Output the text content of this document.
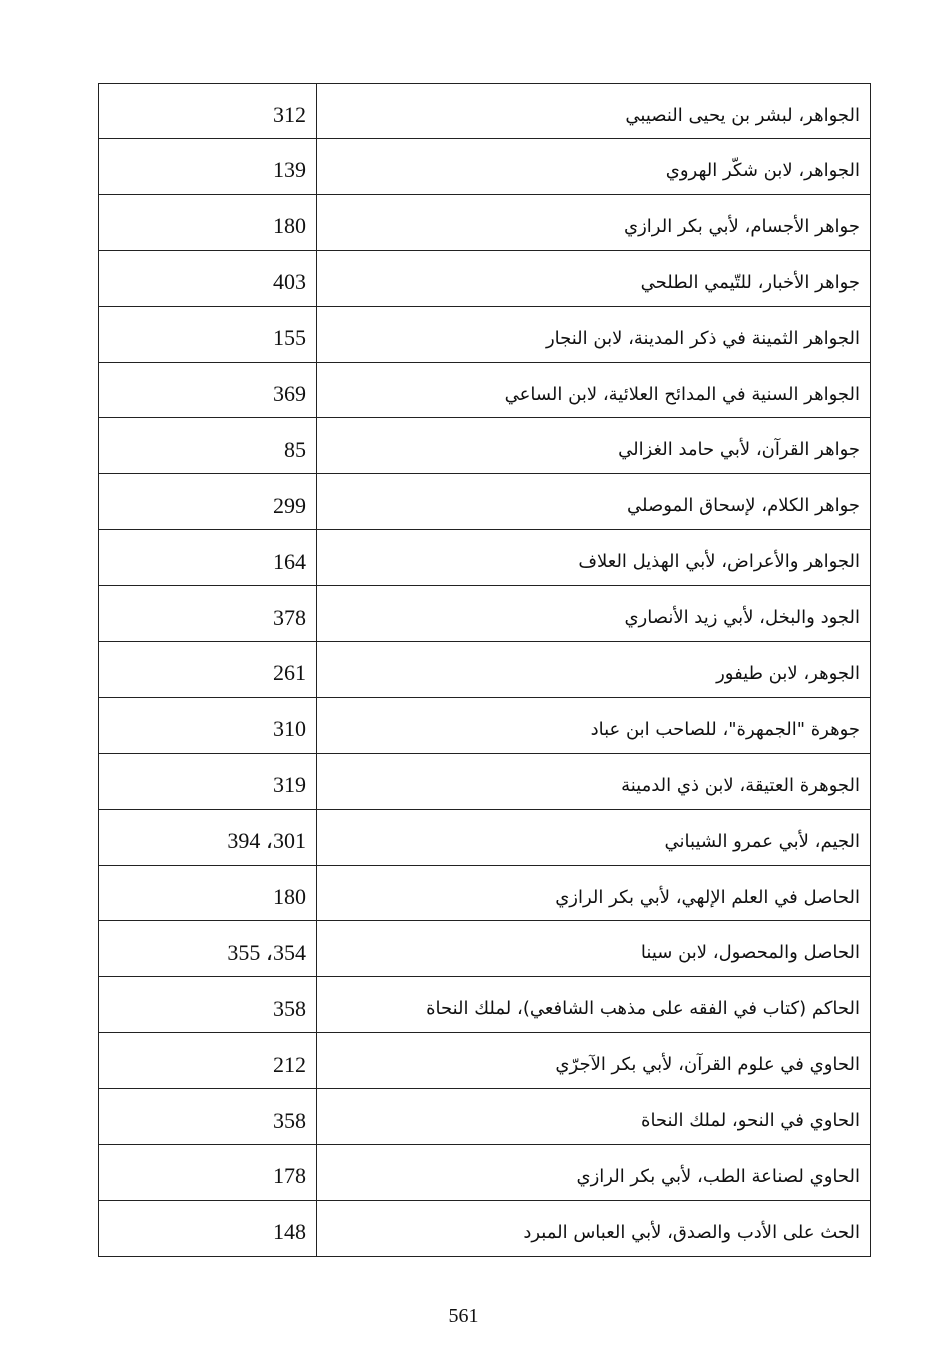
الجواهر، لبشر بن يحيى النصيبي	312
الجواهر، لابن شكّر الهروي	139
جواهر الأجسام، لأبي بكر الرازي	180
جواهر الأخبار، للتّيمي الطلحي	403
الجواهر الثمينة في ذكر المدينة، لابن النجار	155
الجواهر السنية في المدائح العلائية، لابن الساعي	369
جواهر القرآن، لأبي حامد الغزالي	85
جواهر الكلام، لإسحاق الموصلي	299
الجواهر والأعراض، لأبي الهذيل العلاف	164
الجود والبخل، لأبي زيد الأنصاري	378
الجوهر، لابن طيفور	261
جوهرة "الجمهرة"، للصاحب ابن عباد	310
الجوهرة العتيقة، لابن ذي الدمينة	319
الجيم، لأبي عمرو الشيباني	394 ،301
الحاصل في العلم الإلهي، لأبي بكر الرازي	180
الحاصل والمحصول، لابن سينا	355 ،354
الحاكم (كتاب في الفقه على مذهب الشافعي)، لملك النحاة	358
الحاوي في علوم القرآن، لأبي بكر الآجرّي	212
الحاوي في النحو، لملك النحاة	358
الحاوي لصناعة الطب، لأبي بكر الرازي	178
الحث على الأدب والصدق، لأبي العباس المبرد	148
561
